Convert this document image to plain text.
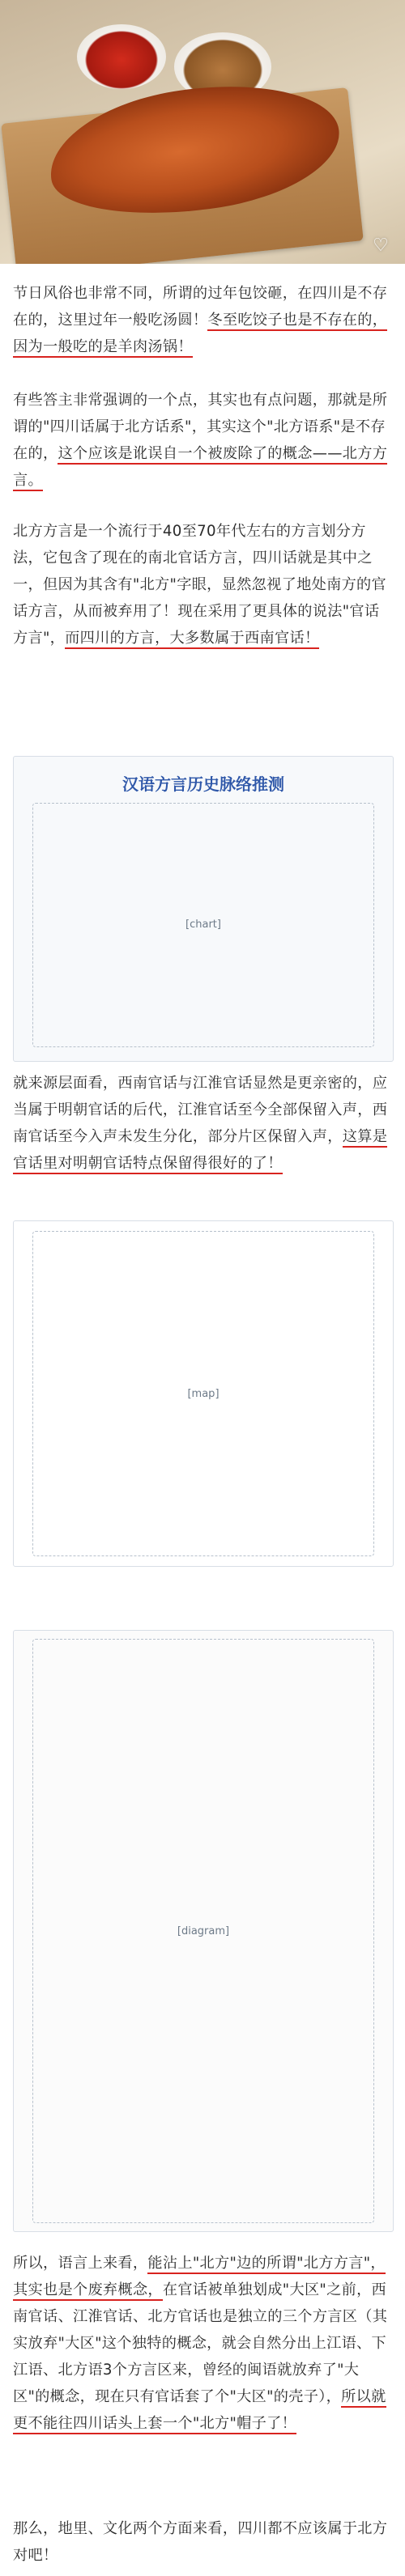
♡

节日风俗也非常不同，所谓的过年包饺砸，在四川是不存在的，这里过年一般吃汤圆！冬至吃饺子也是不存在的，因为一般吃的是羊肉汤锅！

有些答主非常强调的一个点，其实也有点问题，那就是所谓的"四川话属于北方话系"，其实这个"北方语系"是不存在的，这个应该是讹误自一个被废除了的概念——北方方言。

北方方言是一个流行于40至70年代左右的方言划分方法，它包含了现在的南北官话方言，四川话就是其中之一，但因为其含有"北方"字眼，显然忽视了地处南方的官话方言，从而被弃用了！现在采用了更具体的说法"官话方言"，而四川的方言，大多数属于西南官话！

汉语方言历史脉络推测
[chart]

就来源层面看，西南官话与江淮官话显然是更亲密的，应当属于明朝官话的后代，江淮官话至今全部保留入声，西南官话至今入声未发生分化，部分片区保留入声，这算是官话里对明朝官话特点保留得很好的了！

[map]
[diagram]

所以，语言上来看，能沾上"北方"边的所谓"北方方言"，其实也是个废弃概念，在官话被单独划成"大区"之前，西南官话、江淮官话、北方官话也是独立的三个方言区（其实放弃"大区"这个独特的概念，就会自然分出上江语、下江语、北方语3个方言区来，曾经的闽语就放弃了"大区"的概念，现在只有官话套了个"大区"的壳子），所以就更不能往四川话头上套一个"北方"帽子了！

那么，地里、文化两个方面来看，四川都不应该属于北方对吧！
